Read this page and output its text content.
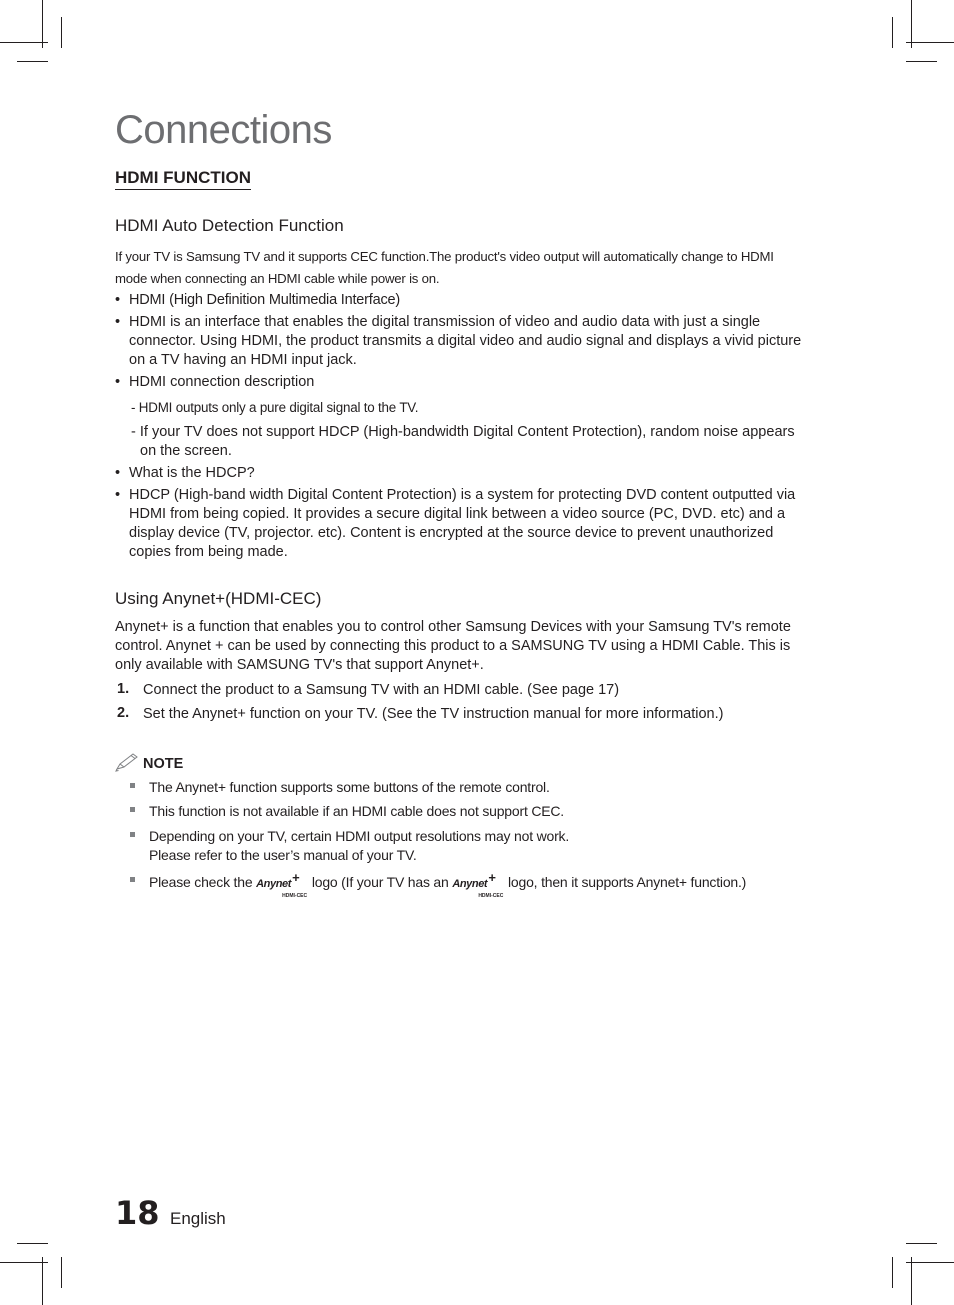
Connections
HDMI FUNCTION
HDMI Auto Detection Function
If your TV is Samsung TV and it supports CEC function.The product's video output will automatically change to HDMI
mode when connecting an HDMI cable while power is on.
• HDMI (High Definition Multimedia Interface)
• HDMI is an interface that enables the digital transmission of video and audio data with just a single
connector. Using HDMI, the product transmits a digital video and audio signal and displays a vivid picture
on a TV having an HDMI input jack.
• HDMI connection description
- HDMI outputs only a pure digital signal to the TV.
- If your TV does not support HDCP (High-bandwidth Digital Content Protection), random noise appears
on the screen.
• What is the HDCP?
• HDCP (High-band width Digital Content Protection) is a system for protecting DVD content outputted via
HDMI from being copied. It provides a secure digital link between a video source (PC, DVD. etc) and a
display device (TV, projector. etc). Content is encrypted at the source device to prevent unauthorized
copies from being made.
Using Anynet+(HDMI-CEC)
Anynet+ is a function that enables you to control other Samsung Devices with your Samsung TV's remote
control. Anynet + can be used by connecting this product to a SAMSUNG TV using a HDMI Cable. This is
only available with SAMSUNG TV's that support Anynet+.
1. Connect the product to a Samsung TV with an HDMI cable. (See page 17)
2. Set the Anynet+ function on your TV. (See the TV instruction manual for more information.)
NOTE
The Anynet+ function supports some buttons of the remote control.
This function is not available if an HDMI cable does not support CEC.
Depending on your TV, certain HDMI output resolutions may not work.
Please refer to the user’s manual of your TV.
Please check the Anynet +
HDMI-CEC
logo (If your TV has an Anynet +
HDMI-CEC
logo, then it supports Anynet+ function.)
18 English
